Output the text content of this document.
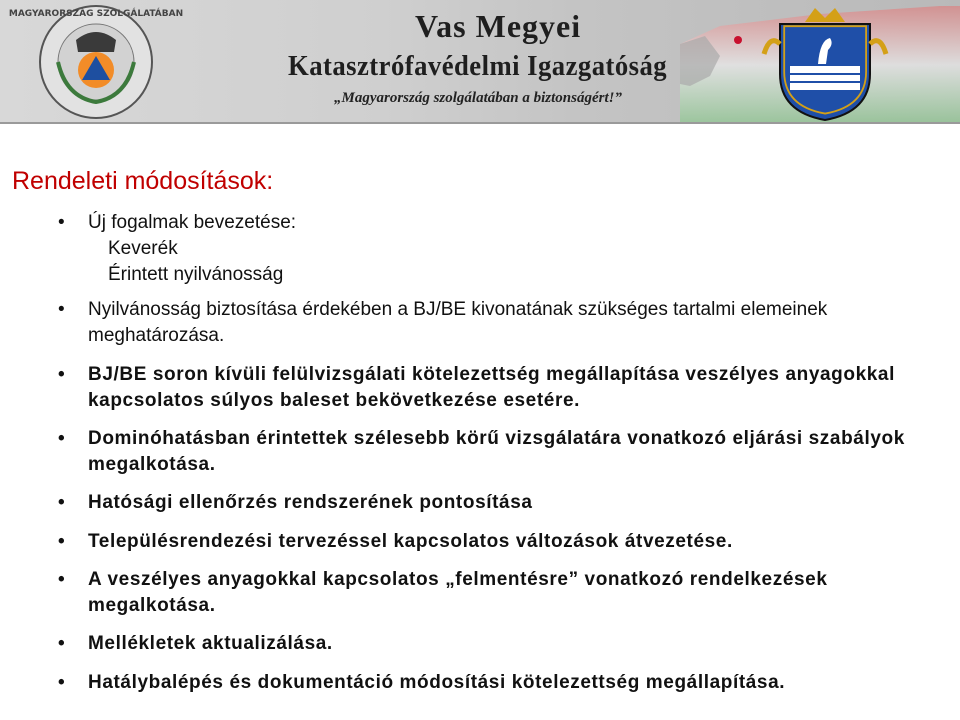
MAGYARORSZÁG SZOLGÁLATÁBAN	Vas Megyei
Katasztrófavédelmi Igazgatóság
„Magyarország szolgálatában a biztonságért!”
Rendeleti módosítások:
• Új fogalmak bevezetése:
Keverék
Érintett nyilvánosság
• Nyilvánosság biztosítása érdekében a BJ/BE kivonatának szükséges tartalmi elemeinek meghatározása.
• BJ/BE soron kívüli felülvizsgálati kötelezettség megállapítása veszélyes anyagokkal kapcsolatos súlyos baleset bekövetkezése esetére.
• Dominóhatásban érintettek szélesebb körű vizsgálatára vonatkozó eljárási szabályok megalkotása.
• Hatósági ellenőrzés rendszerének pontosítása
• Településrendezési tervezéssel kapcsolatos változások átvezetése.
• A veszélyes anyagokkal kapcsolatos „felmentésre” vonatkozó rendelkezések megalkotása.
• Mellékletek aktualizálása.
• Hatálybalépés és dokumentáció módosítási kötelezettség megállapítása.
